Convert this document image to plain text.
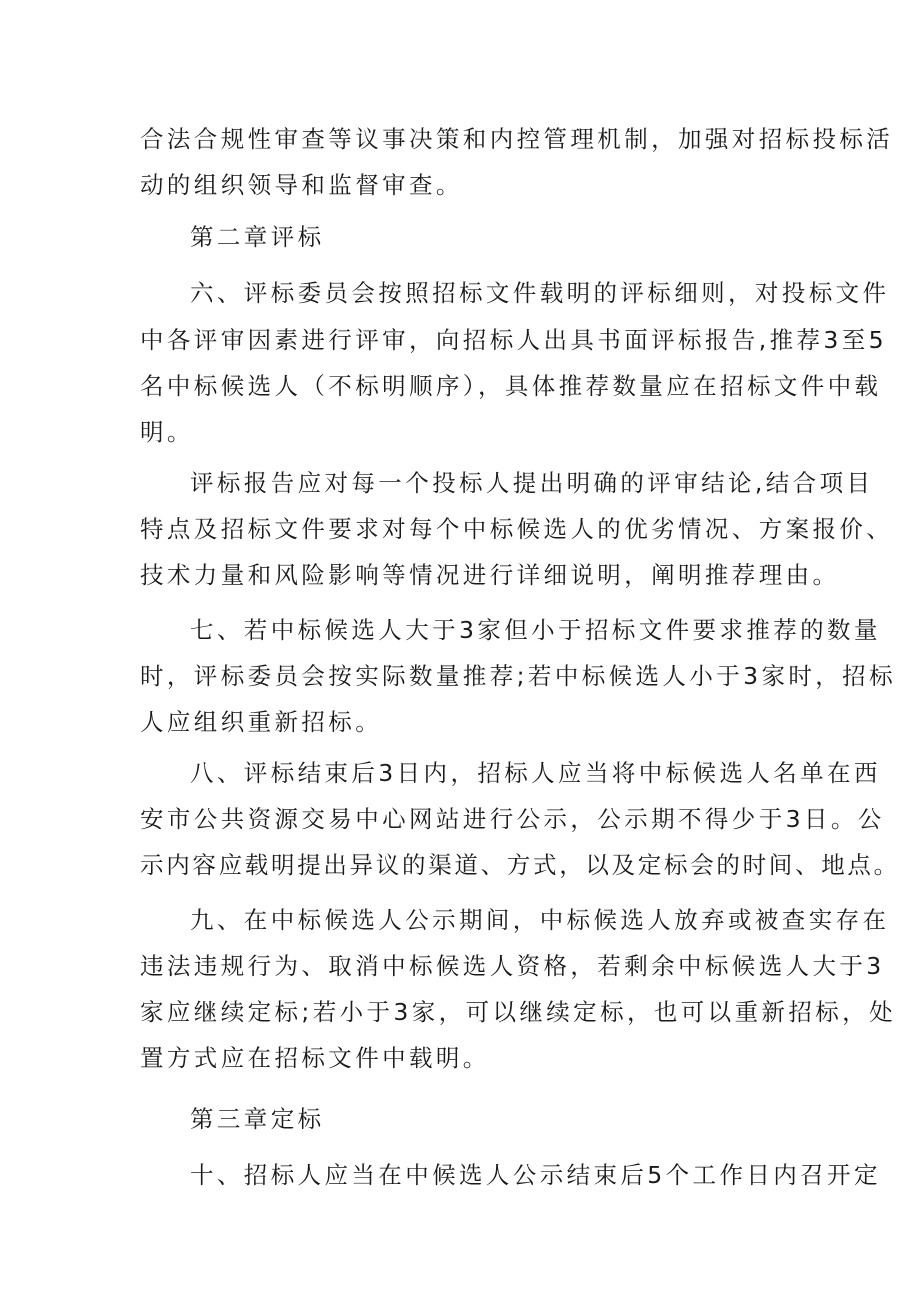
合法合规性审查等议事决策和内控管理机制，加强对招标投标活
动的组织领导和监督审查。
第二章评标
六、评标委员会按照招标文件载明的评标细则，对投标文件
中各评审因素进行评审，向招标人出具书面评标报告,推荐3至5
名中标候选人（不标明顺序），具体推荐数量应在招标文件中载
明。
评标报告应对每一个投标人提出明确的评审结论,结合项目
特点及招标文件要求对每个中标候选人的优劣情况、方案报价、
技术力量和风险影响等情况进行详细说明，阐明推荐理由。
七、若中标候选人大于3家但小于招标文件要求推荐的数量
时，评标委员会按实际数量推荐;若中标候选人小于3家时，招标
人应组织重新招标。
八、评标结束后3日内，招标人应当将中标候选人名单在西
安市公共资源交易中心网站进行公示，公示期不得少于3日。公
示内容应载明提出异议的渠道、方式，以及定标会的时间、地点。
九、在中标候选人公示期间，中标候选人放弃或被查实存在
违法违规行为、取消中标候选人资格，若剩余中标候选人大于3
家应继续定标;若小于3家，可以继续定标，也可以重新招标，处
置方式应在招标文件中载明。
第三章定标
十、招标人应当在中候选人公示结束后5个工作日内召开定
